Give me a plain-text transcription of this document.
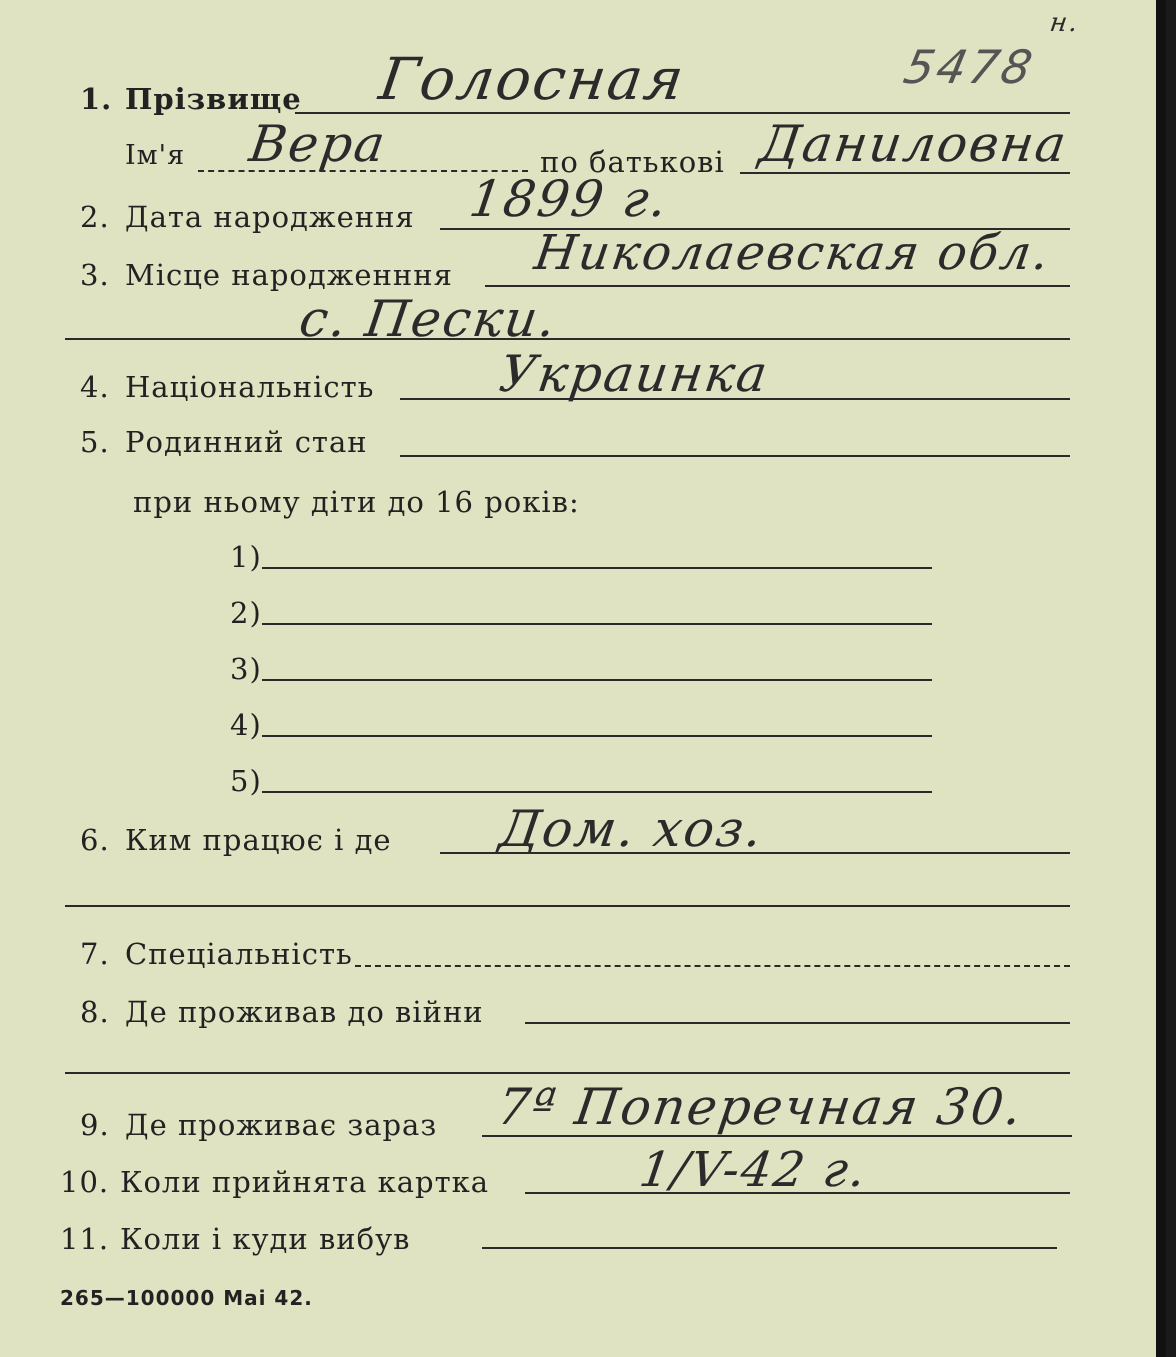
5478
н.
1. Прізвище Голосная
Ім'я Вера	по батькові Даниловна
2. Дата народження 1899 г.
3. Місце народженння Николаевская обл.
с. Пески.
4. Національність Украинка
5. Родинний стан
при ньому діти до 16 років:
1)
2)
3)
4)
5)
6. Ким працює і де Дом. хоз.
7. Спеціальність
8. Де проживав до війни
9. Де проживає зараз 7ª Поперечная 30.
10. Коли прийнята картка	1/V-42 г.
11. Коли і куди вибув
265—100000 Mai 42.
